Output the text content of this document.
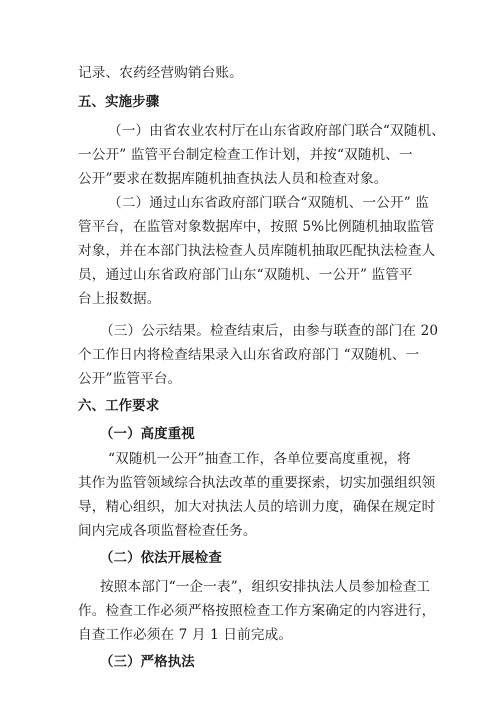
记录、农药经营购销台账。
五、实施步骤
（一）由省农业农村厅在山东省政府部门联合“双随机、
一公开” 监管平台制定检查工作计划，并按“双随机、一
公开”要求在数据库随机抽查执法人员和检查对象。
（二）通过山东省政府部门联合“双随机、一公开” 监
管平台，在监管对象数据库中，按照 5%比例随机抽取监管
对象，并在本部门执法检查人员库随机抽取匹配执法检查人
员，通过山东省政府部门山东“双随机、一公开” 监管平
台上报数据。
（三）公示结果。检查结束后，由参与联查的部门在 20
个工作日内将检查结果录入山东省政府部门 “双随机、一
公开”监管平台。
六、工作要求
（一）高度重视
“双随机一公开”抽查工作，各单位要高度重视，将
其作为监管领域综合执法改革的重要探索，切实加强组织领
导，精心组织，加大对执法人员的培训力度，确保在规定时
间内完成各项监督检查任务。
（二）依法开展检查
按照本部门“一企一表”，组织安排执法人员参加检查工
作。检查工作必须严格按照检查工作方案确定的内容进行，
自查工作必须在 7 月 1 日前完成。
（三）严格执法
